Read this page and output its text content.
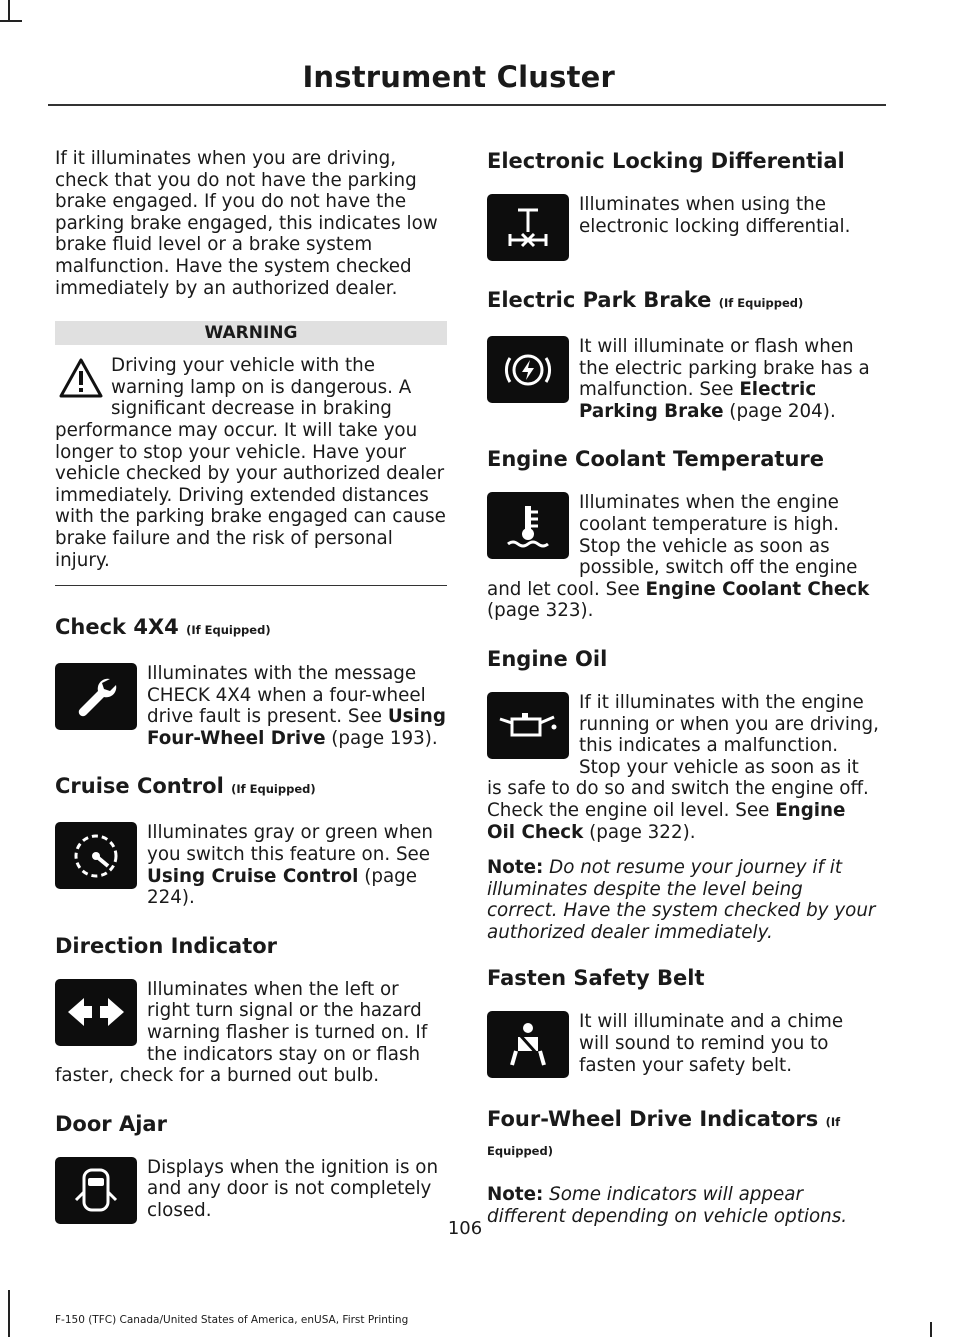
Instrument Cluster

If it illuminates when you are driving, check that you do not have the parking brake engaged. If you do not have the parking brake engaged, this indicates low brake fluid level or a brake system malfunction. Have the system checked immediately by an authorized dealer.

WARNING

Driving your vehicle with the warning lamp on is dangerous. A significant decrease in braking performance may occur. It will take you longer to stop your vehicle. Have your vehicle checked by your authorized dealer immediately. Driving extended distances with the parking brake engaged can cause brake failure and the risk of personal injury.

Check 4X4 (If Equipped)

Illuminates with the message CHECK 4X4 when a four-wheel drive fault is present. See Using Four-Wheel Drive (page 193).

Cruise Control (If Equipped)

Illuminates gray or green when you switch this feature on. See Using Cruise Control (page 224).

Direction Indicator

Illuminates when the left or right turn signal or the hazard warning flasher is turned on. If the indicators stay on or flash faster, check for a burned out bulb.

Door Ajar

Displays when the ignition is on and any door is not completely closed.

Electronic Locking Differential

Illuminates when using the electronic locking differential.

Electric Park Brake (If Equipped)

It will illuminate or flash when the electric parking brake has a malfunction. See Electric Parking Brake (page 204).

Engine Coolant Temperature

Illuminates when the engine coolant temperature is high. Stop the vehicle as soon as possible, switch off the engine and let cool. See Engine Coolant Check (page 323).

Engine Oil

If it illuminates with the engine running or when you are driving, this indicates a malfunction. Stop your vehicle as soon as it is safe to do so and switch the engine off. Check the engine oil level. See Engine Oil Check (page 322).

Note: Do not resume your journey if it illuminates despite the level being correct. Have the system checked by your authorized dealer immediately.

Fasten Safety Belt

It will illuminate and a chime will sound to remind you to fasten your safety belt.

Four-Wheel Drive Indicators (If Equipped)

Note: Some indicators will appear different depending on vehicle options.

106
F-150 (TFC) Canada/United States of America, enUSA, First Printing
